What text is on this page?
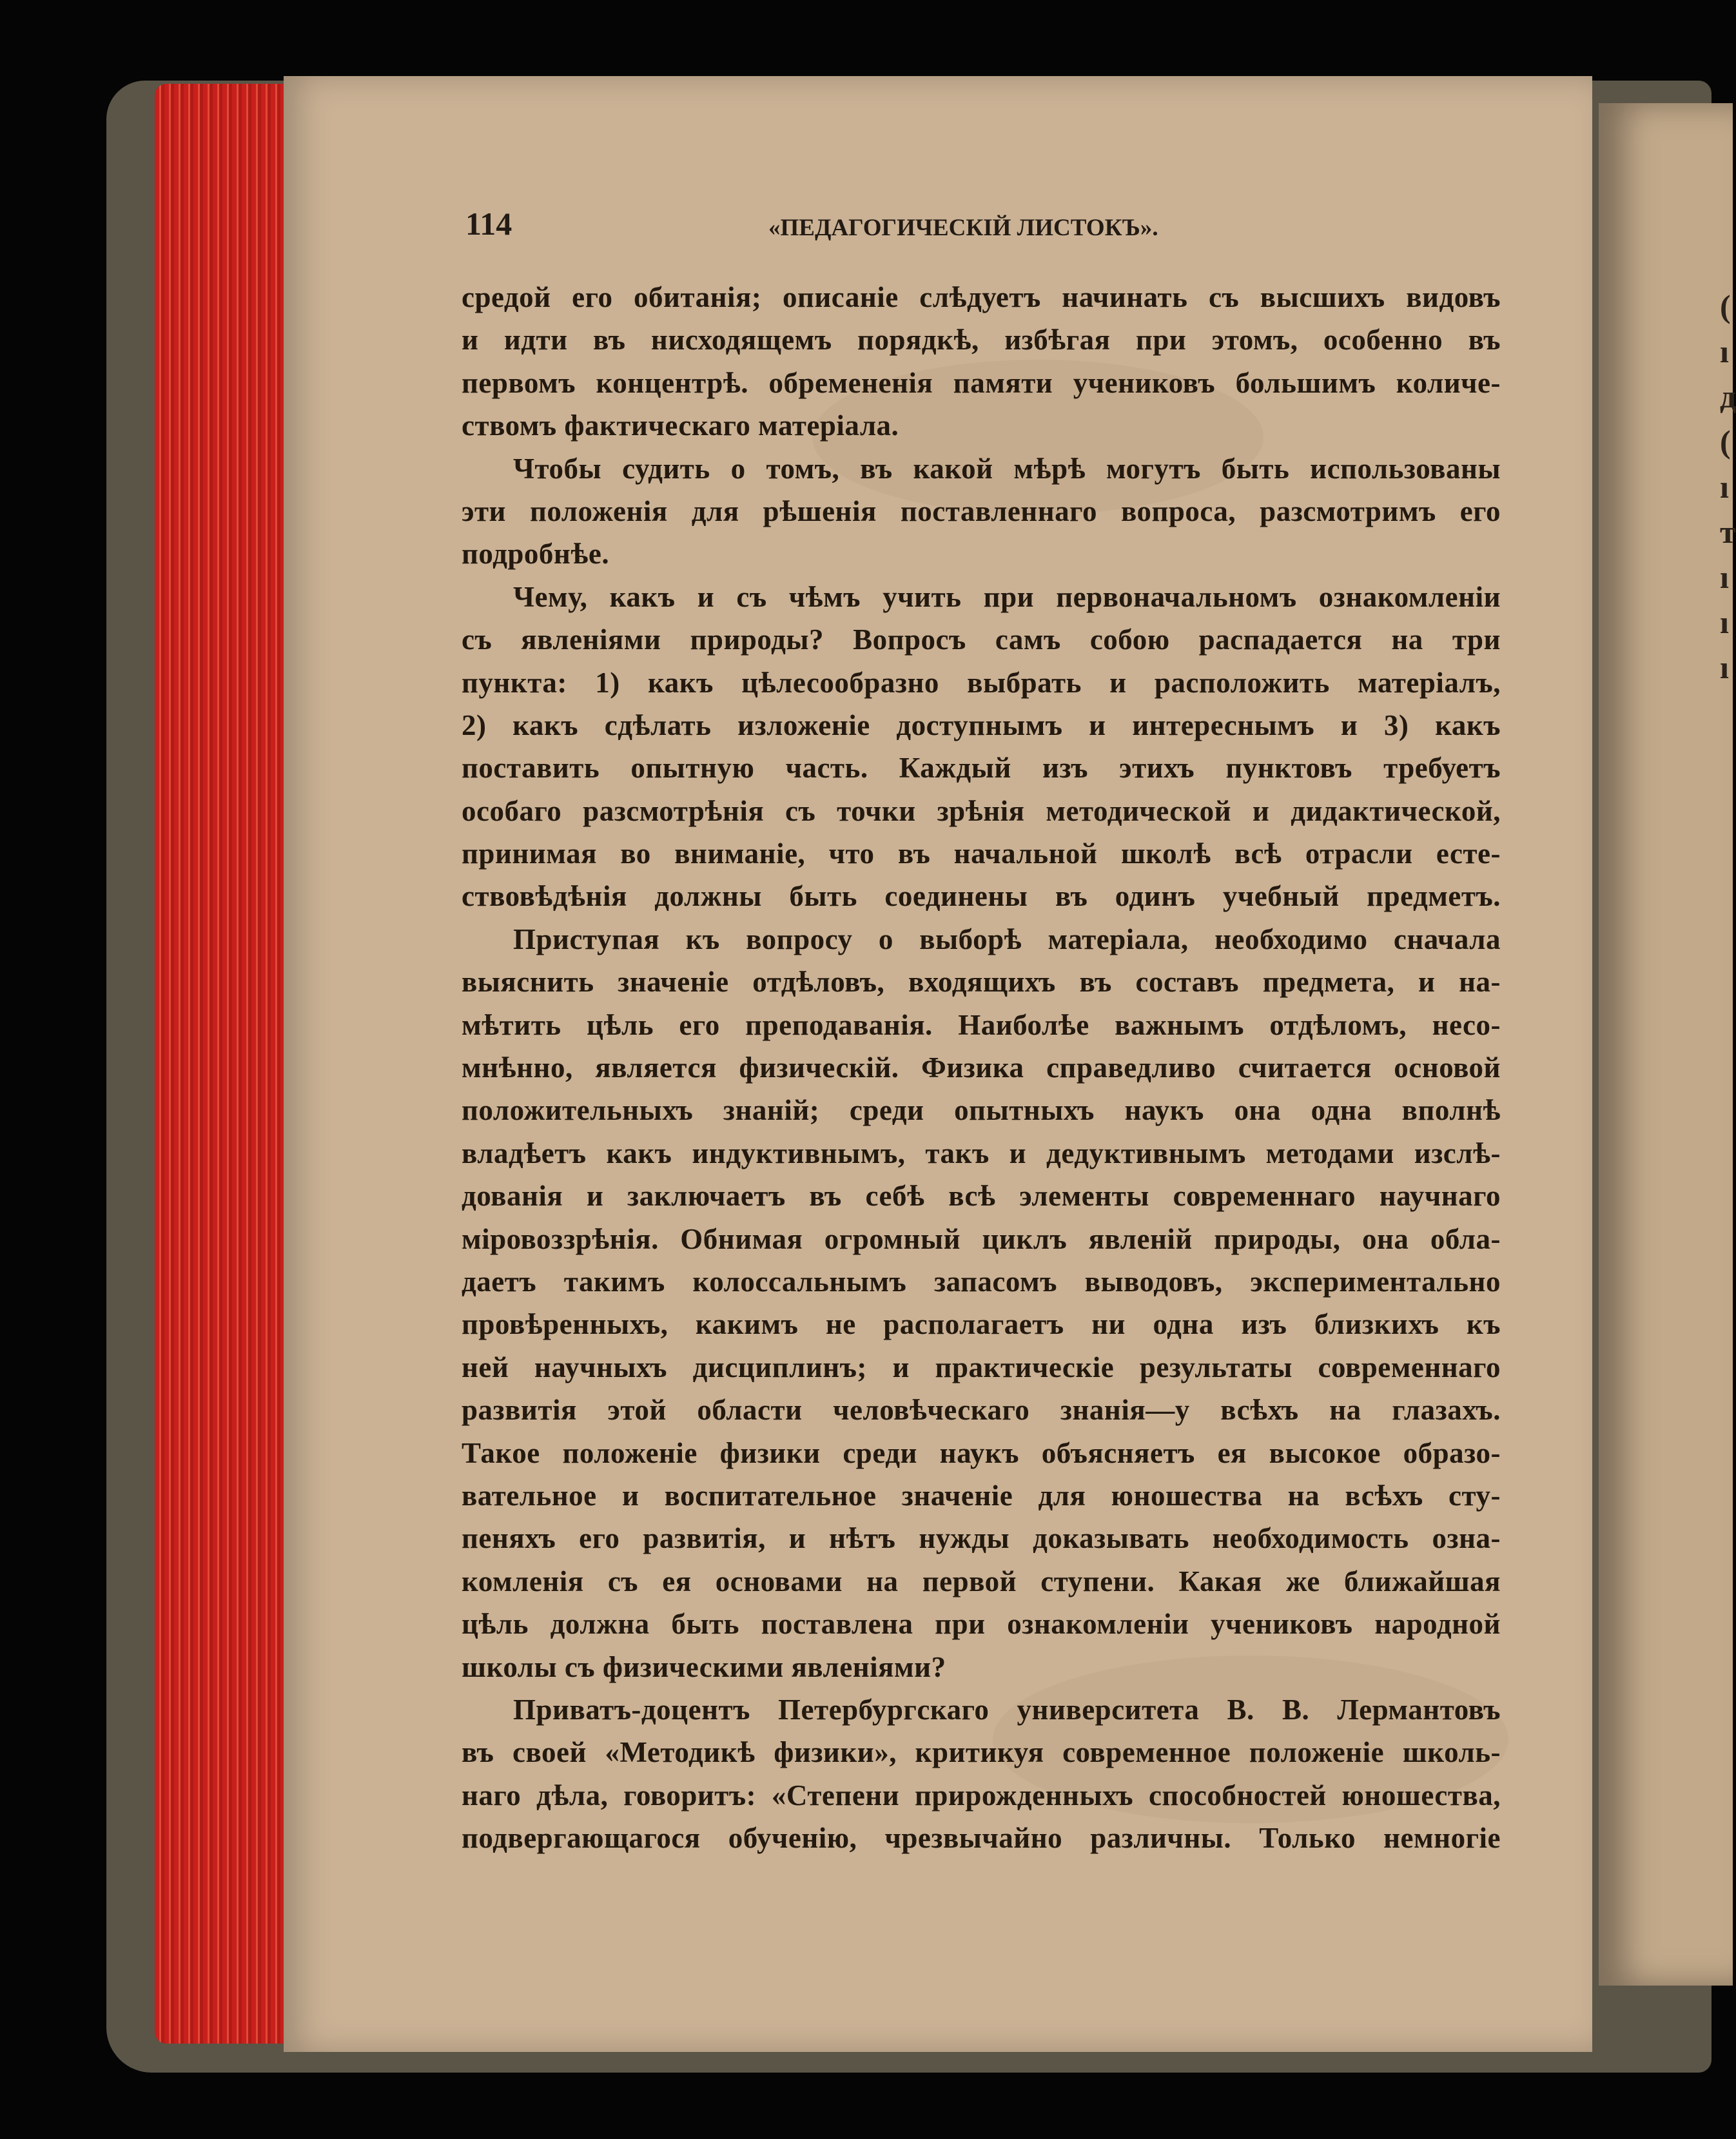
(
ı
д
(
ı
т
ı
ı
ı
114	«ПЕДАГОГИЧЕСКІЙ ЛИСТОКЪ».
средой его обитанія; описаніе слѣдуетъ начинать съ высшихъ видовъ
и идти въ нисходящемъ порядкѣ, избѣгая при этомъ, особенно въ
первомъ концентрѣ. обремененія памяти учениковъ большимъ количе-
ствомъ фактическаго матеріала.
Чтобы судить о томъ, въ какой мѣрѣ могутъ быть использованы
эти положенія для рѣшенія поставленнаго вопроса, разсмотримъ его
подробнѣе.
Чему, какъ и съ чѣмъ учить при первоначальномъ ознакомленіи
съ явленіями природы? Вопросъ самъ собою распадается на три
пункта: 1) какъ цѣлесообразно выбрать и расположить матеріалъ,
2) какъ сдѣлать изложеніе доступнымъ и интереснымъ и 3) какъ
поставить опытную часть. Каждый изъ этихъ пунктовъ требуетъ
особаго разсмотрѣнія съ точки зрѣнія методической и дидактической,
принимая во вниманіе, что въ начальной школѣ всѣ отрасли есте-
ствовѣдѣнія должны быть соединены въ одинъ учебный предметъ.
Приступая къ вопросу о выборѣ матеріала, необходимо сначала
выяснить значеніе отдѣловъ, входящихъ въ составъ предмета, и на-
мѣтить цѣль его преподаванія. Наиболѣе важнымъ отдѣломъ, несо-
мнѣнно, является физическій. Физика справедливо считается основой
положительныхъ знаній; среди опытныхъ наукъ она одна вполнѣ
владѣетъ какъ индуктивнымъ, такъ и дедуктивнымъ методами изслѣ-
дованія и заключаетъ въ себѣ всѣ элементы современнаго научнаго
міровоззрѣнія. Обнимая огромный циклъ явленій природы, она обла-
даетъ такимъ колоссальнымъ запасомъ выводовъ, экспериментально
провѣренныхъ, какимъ не располагаетъ ни одна изъ близкихъ къ
ней научныхъ дисциплинъ; и практическіе результаты современнаго
развитія этой области человѣческаго знанія—у всѣхъ на глазахъ.
Такое положеніе физики среди наукъ объясняетъ ея высокое образо-
вательное и воспитательное значеніе для юношества на всѣхъ сту-
пеняхъ его развитія, и нѣтъ нужды доказывать необходимость озна-
комленія съ ея основами на первой ступени. Какая же ближайшая
цѣль должна быть поставлена при ознакомленіи учениковъ народной
школы съ физическими явленіями?
Приватъ-доцентъ Петербургскаго университета В. В. Лермантовъ
въ своей «Методикѣ физики», критикуя современное положеніе школь-
наго дѣла, говоритъ: «Степени прирожденныхъ способностей юношества,
подвергающагося обученію, чрезвычайно различны. Только немногіе
